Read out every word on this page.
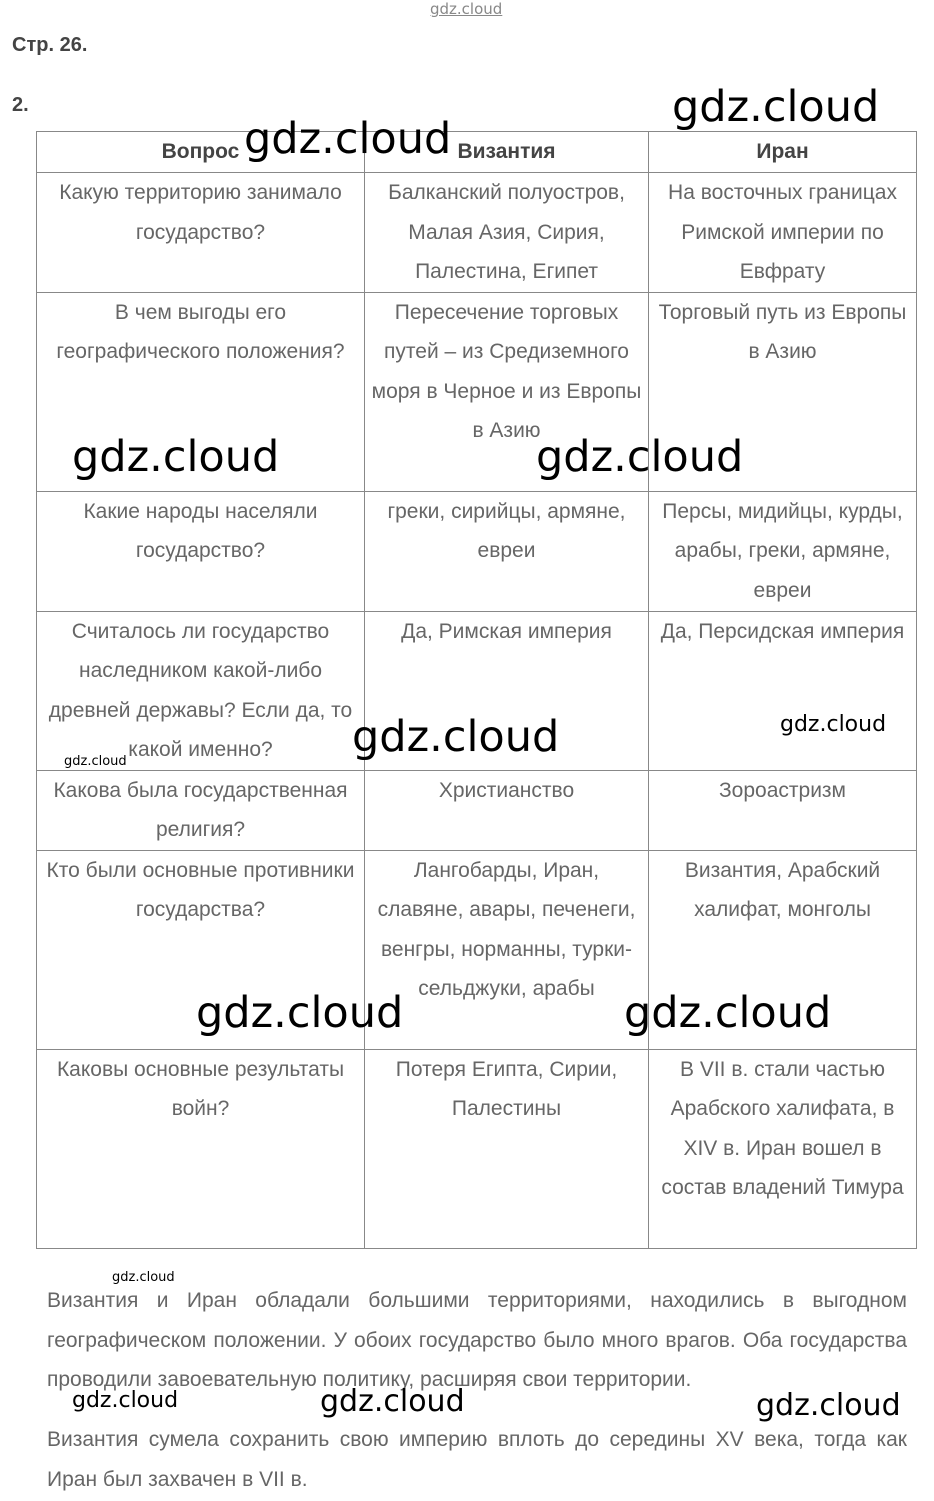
Стр. 26.
2.
Вопрос	Византия	Иран
Какую территорию занимало государство?	Балканский полуостров, Малая Азия, Сирия, Палестина, Египет	На восточных границах Римской империи по Евфрату
В чем выгоды его географического положения?	Пересечение торговых путей – из Средиземного моря в Черное и из Европы в Азию	Торговый путь из Европы в Азию
Какие народы населяли государство?	греки, сирийцы, армяне, евреи	Персы, мидийцы, курды, арабы, греки, армяне, евреи
Считалось ли государство наследником какой-либо древней державы? Если да, то какой именно?	Да, Римская империя	Да, Персидская империя
Какова была государственная религия?	Христианство	Зороастризм
Кто были основные противники государства?	Лангобарды, Иран, славяне, авары, печенеги, венгры, норманны, турки-сельджуки, арабы	Византия, Арабский халифат, монголы
Каковы основные результаты войн?	Потеря Египта, Сирии, Палестины	В VII в. стали частью Арабского халифата, в XIV в. Иран вошел в состав владений Тимура
Византия и Иран обладали большими территориями, находились в выгодном географическом положении. У обоих государство было много врагов. Оба государства проводили завоевательную политику, расширяя свои территории.
Византия сумела сохранить свою империю вплоть до середины XV века, тогда как Иран был захвачен в VII в.
gdz.cloud
gdz.cloud
gdz.cloud
gdz.cloud	gdz.cloud
gdz.cloud
gdz.cloud
gdz.cloud
gdz.cloud	gdz.cloud
gdz.cloud
gdz.cloud	gdz.cloud	gdz.cloud
